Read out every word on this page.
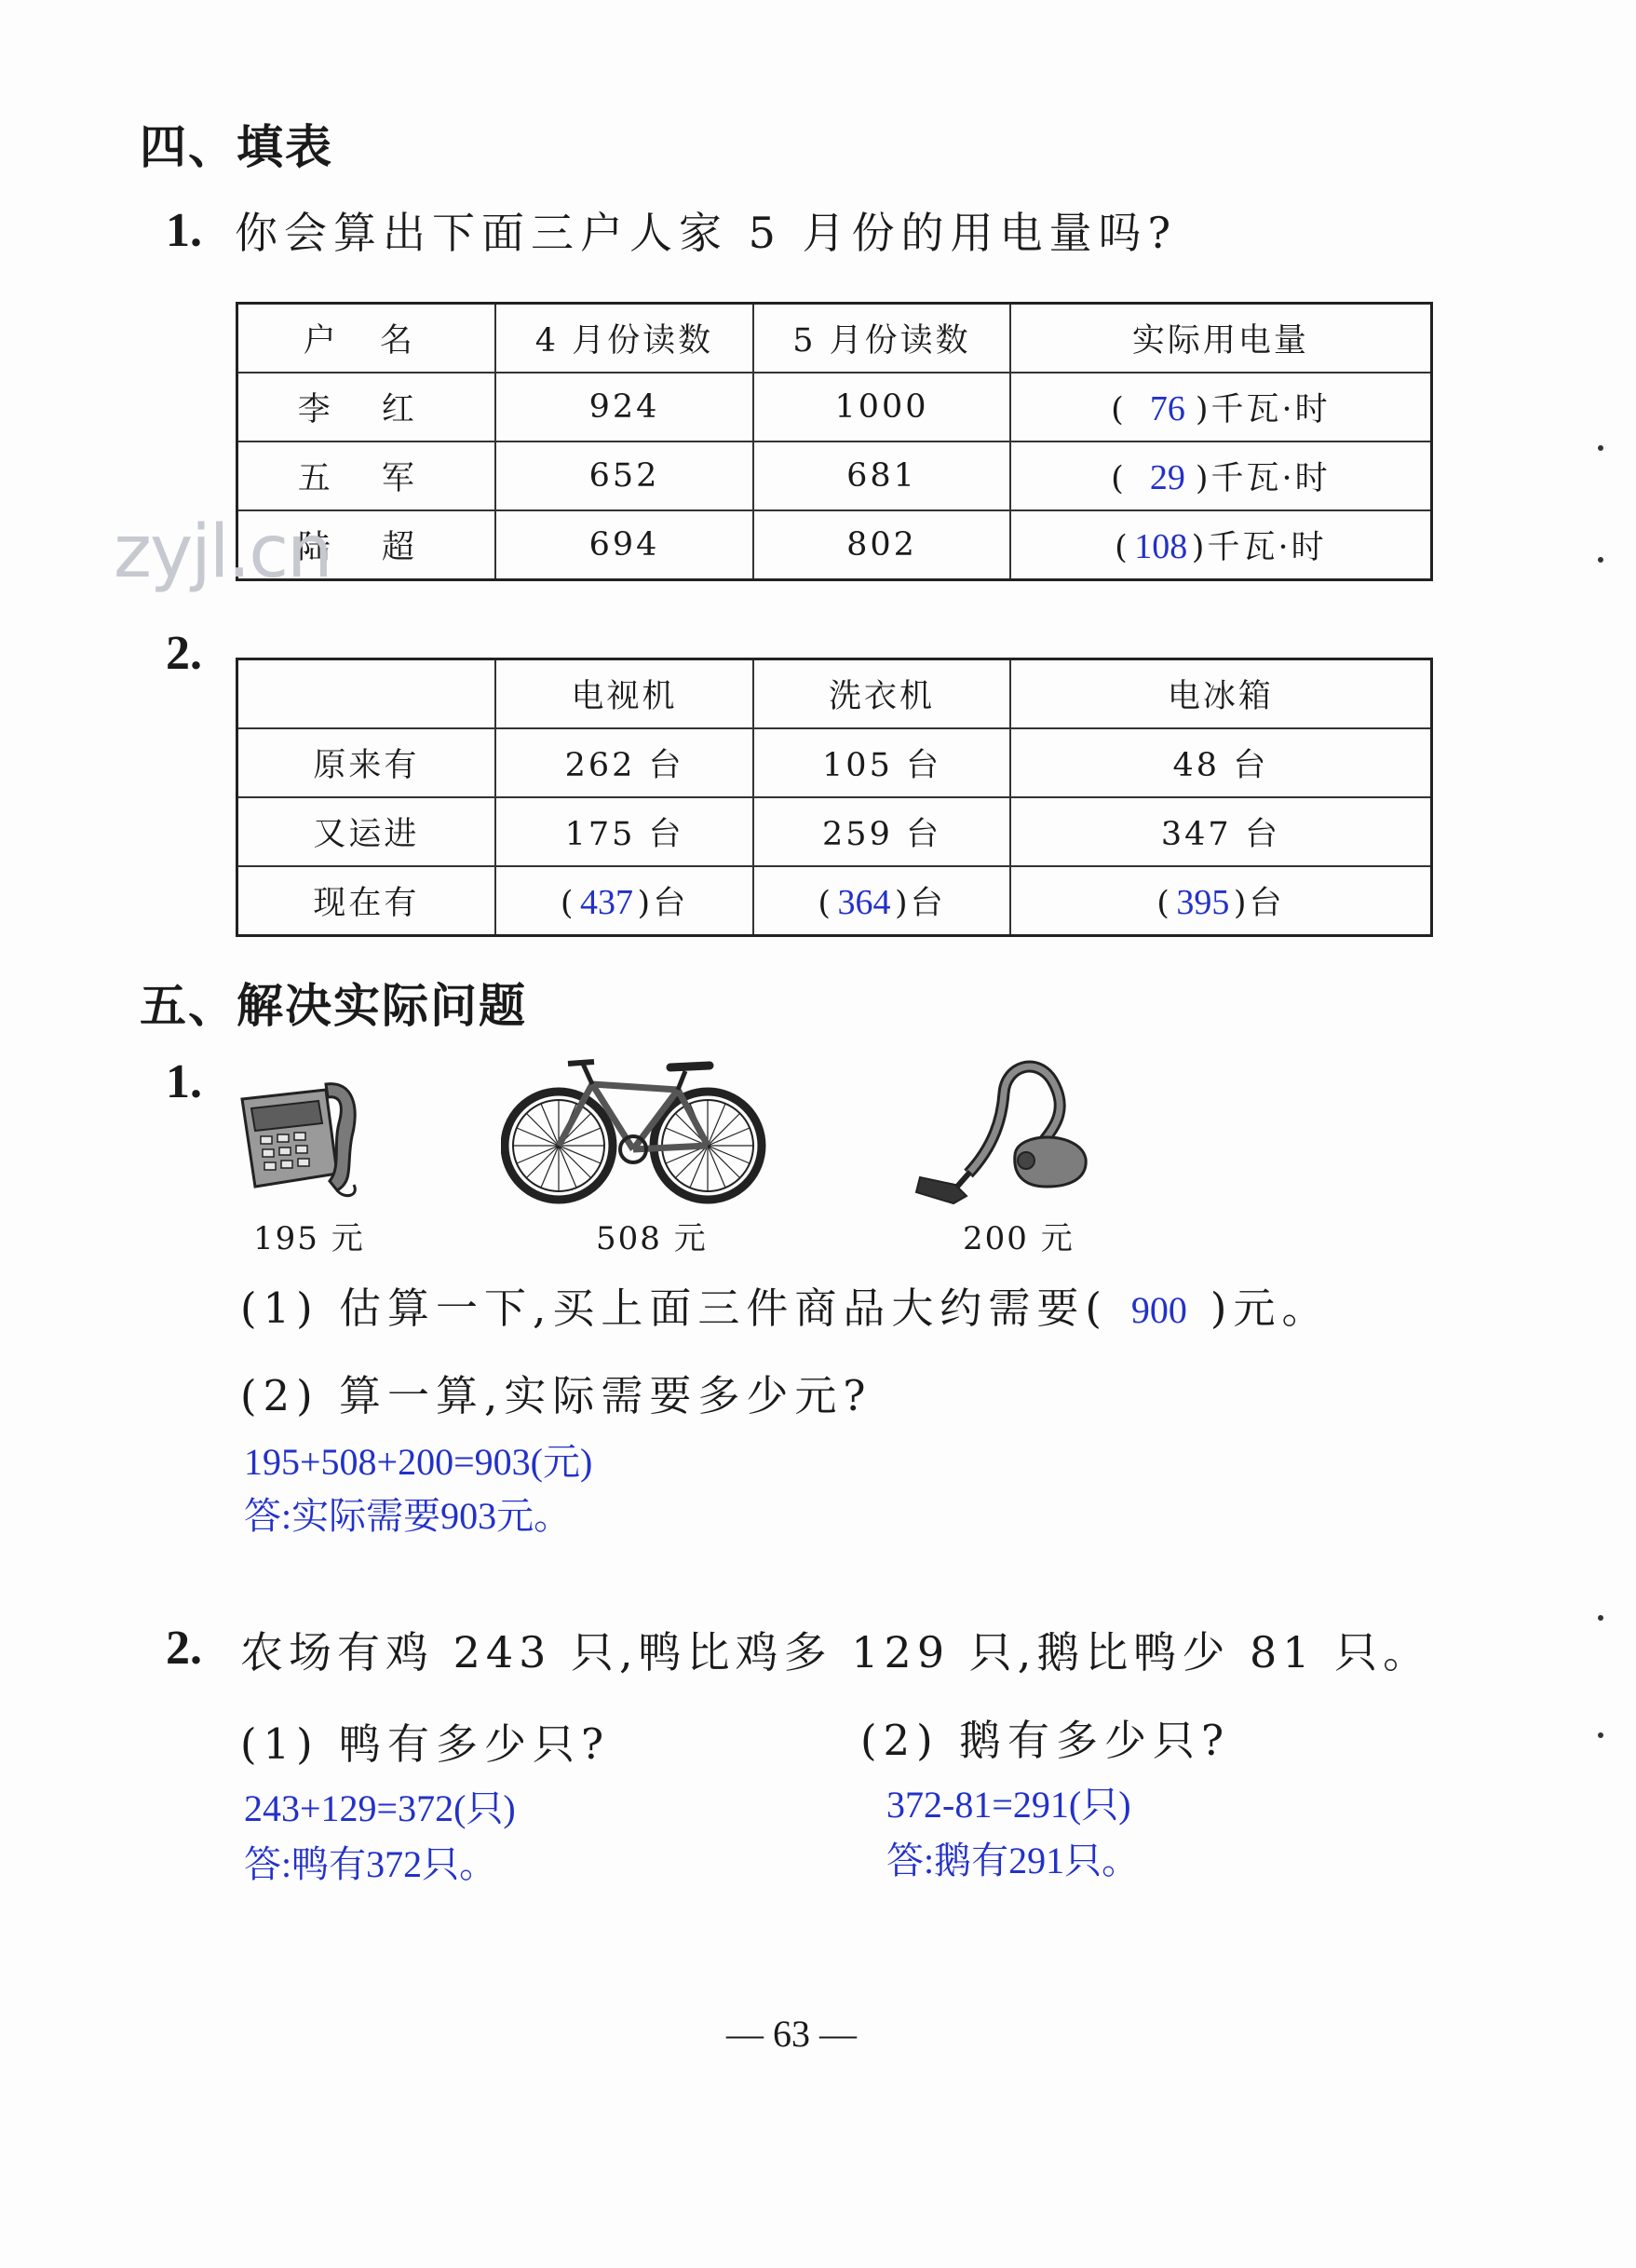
四、填表
1. 你会算出下面三户人家 5 月份的用电量吗?
户 名	4 月份读数	5 月份读数	实际用电量
李 红	924	1000	( 76 )千瓦·时
五 军	652	681	( 29 )千瓦·时
陆 超	694	802	( 108 )千瓦·时
zyjl.cn
2.
	电视机	洗衣机	电冰箱
原来有	262 台	105 台	48 台
又运进	175 台	259 台	347 台
现在有	( 437 )台	( 364 )台	( 395 )台
五、解决实际问题
1.
195 元	508 元	200 元
(1) 估算一下,买上面三件商品大约需要( 900 )元。
(2) 算一算,实际需要多少元?
195+508+200=903(元)
答:实际需要903元。
2. 农场有鸡 243 只,鸭比鸡多 129 只,鹅比鸭少 81 只。
(1) 鸭有多少只?
243+129=372(只)
答:鸭有372只。
(2) 鹅有多少只?
372-81=291(只)
答:鹅有291只。
— 63 —
